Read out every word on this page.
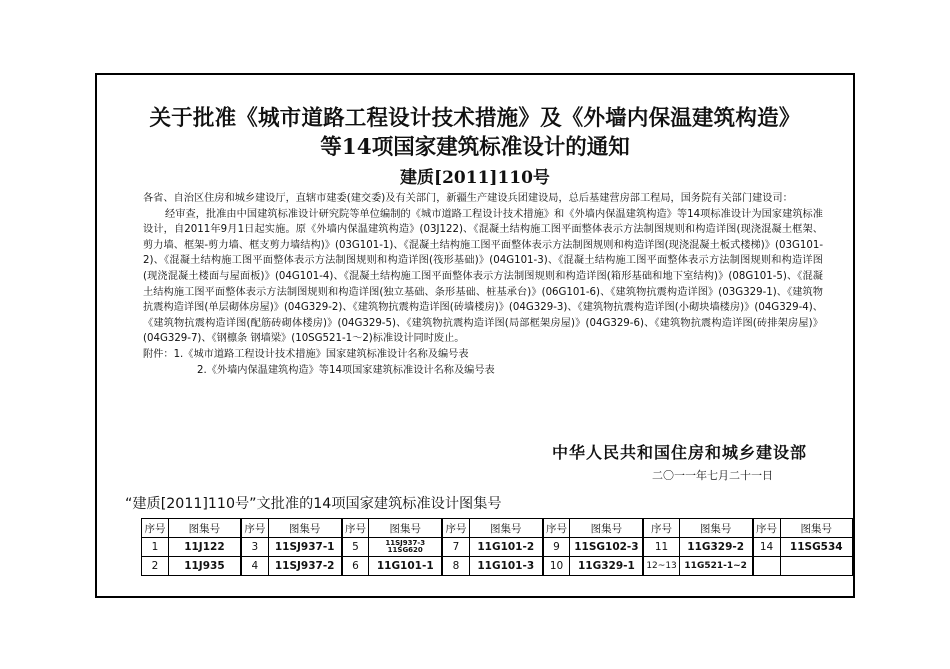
关于批准《城市道路工程设计技术措施》及《外墙内保温建筑构造》
等14项国家建筑标准设计的通知
建质[2011]110号

各省、自治区住房和城乡建设厅，直辖市建委(建交委)及有关部门，新疆生产建设兵团建设局，总后基建营房部工程局，国务院有关部门建设司：

经审查，批准由中国建筑标准设计研究院等单位编制的《城市道路工程设计技术措施》和《外墙内保温建筑构造》等14项标准设计为国家建筑标准设计，自2011年9月1日起实施。原《外墙内保温建筑构造》(03J122)、《混凝土结构施工图平面整体表示方法制图规则和构造详图(现浇混凝土框架、剪力墙、框架-剪力墙、框支剪力墙结构)》(03G101-1)、《混凝土结构施工图平面整体表示方法制图规则和构造详图(现浇混凝土板式楼梯)》(03G101-2)、《混凝土结构施工图平面整体表示方法制图规则和构造详图(筏形基础)》(04G101-3)、《混凝土结构施工图平面整体表示方法制图规则和构造详图(现浇混凝土楼面与屋面板)》(04G101-4)、《混凝土结构施工图平面整体表示方法制图规则和构造详图(箱形基础和地下室结构)》(08G101-5)、《混凝土结构施工图平面整体表示方法制图规则和构造详图(独立基础、条形基础、桩基承台)》(06G101-6)、《建筑物抗震构造详图》(03G329-1)、《建筑物抗震构造详图(单层砌体房屋)》(04G329-2)、《建筑物抗震构造详图(砖墙楼房)》(04G329-3)、《建筑物抗震构造详图(小砌块墙楼房)》(04G329-4)、《建筑物抗震构造详图(配筋砖砌体楼房)》(04G329-5)、《建筑物抗震构造详图(局部框架房屋)》(04G329-6)、《建筑物抗震构造详图(砖排架房屋)》(04G329-7)、《钢檩条 钢墙梁》(10SG521-1～2)标准设计同时废止。

附件：1.《城市道路工程设计技术措施》国家建筑标准设计名称及编号表

2.《外墙内保温建筑构造》等14项国家建筑标准设计名称及编号表

中华人民共和国住房和城乡建设部
二〇一一年七月二十一日
“建质[2011]110号”文批准的14项国家建筑标准设计图集号
序号	图集号	序号	图集号	序号	图集号	序号	图集号	序号	图集号	序号	图集号	序号	图集号
1	11J122	3	11SJ937-1	5	11SJ937-3 11SG620	7	11G101-2	9	11SG102-3	11	11G329-2	14	11SG534
2	11J935	4	11SJ937-2	6	11G101-1	8	11G101-3	10	11G329-1	12~13	11G521-1~2		
